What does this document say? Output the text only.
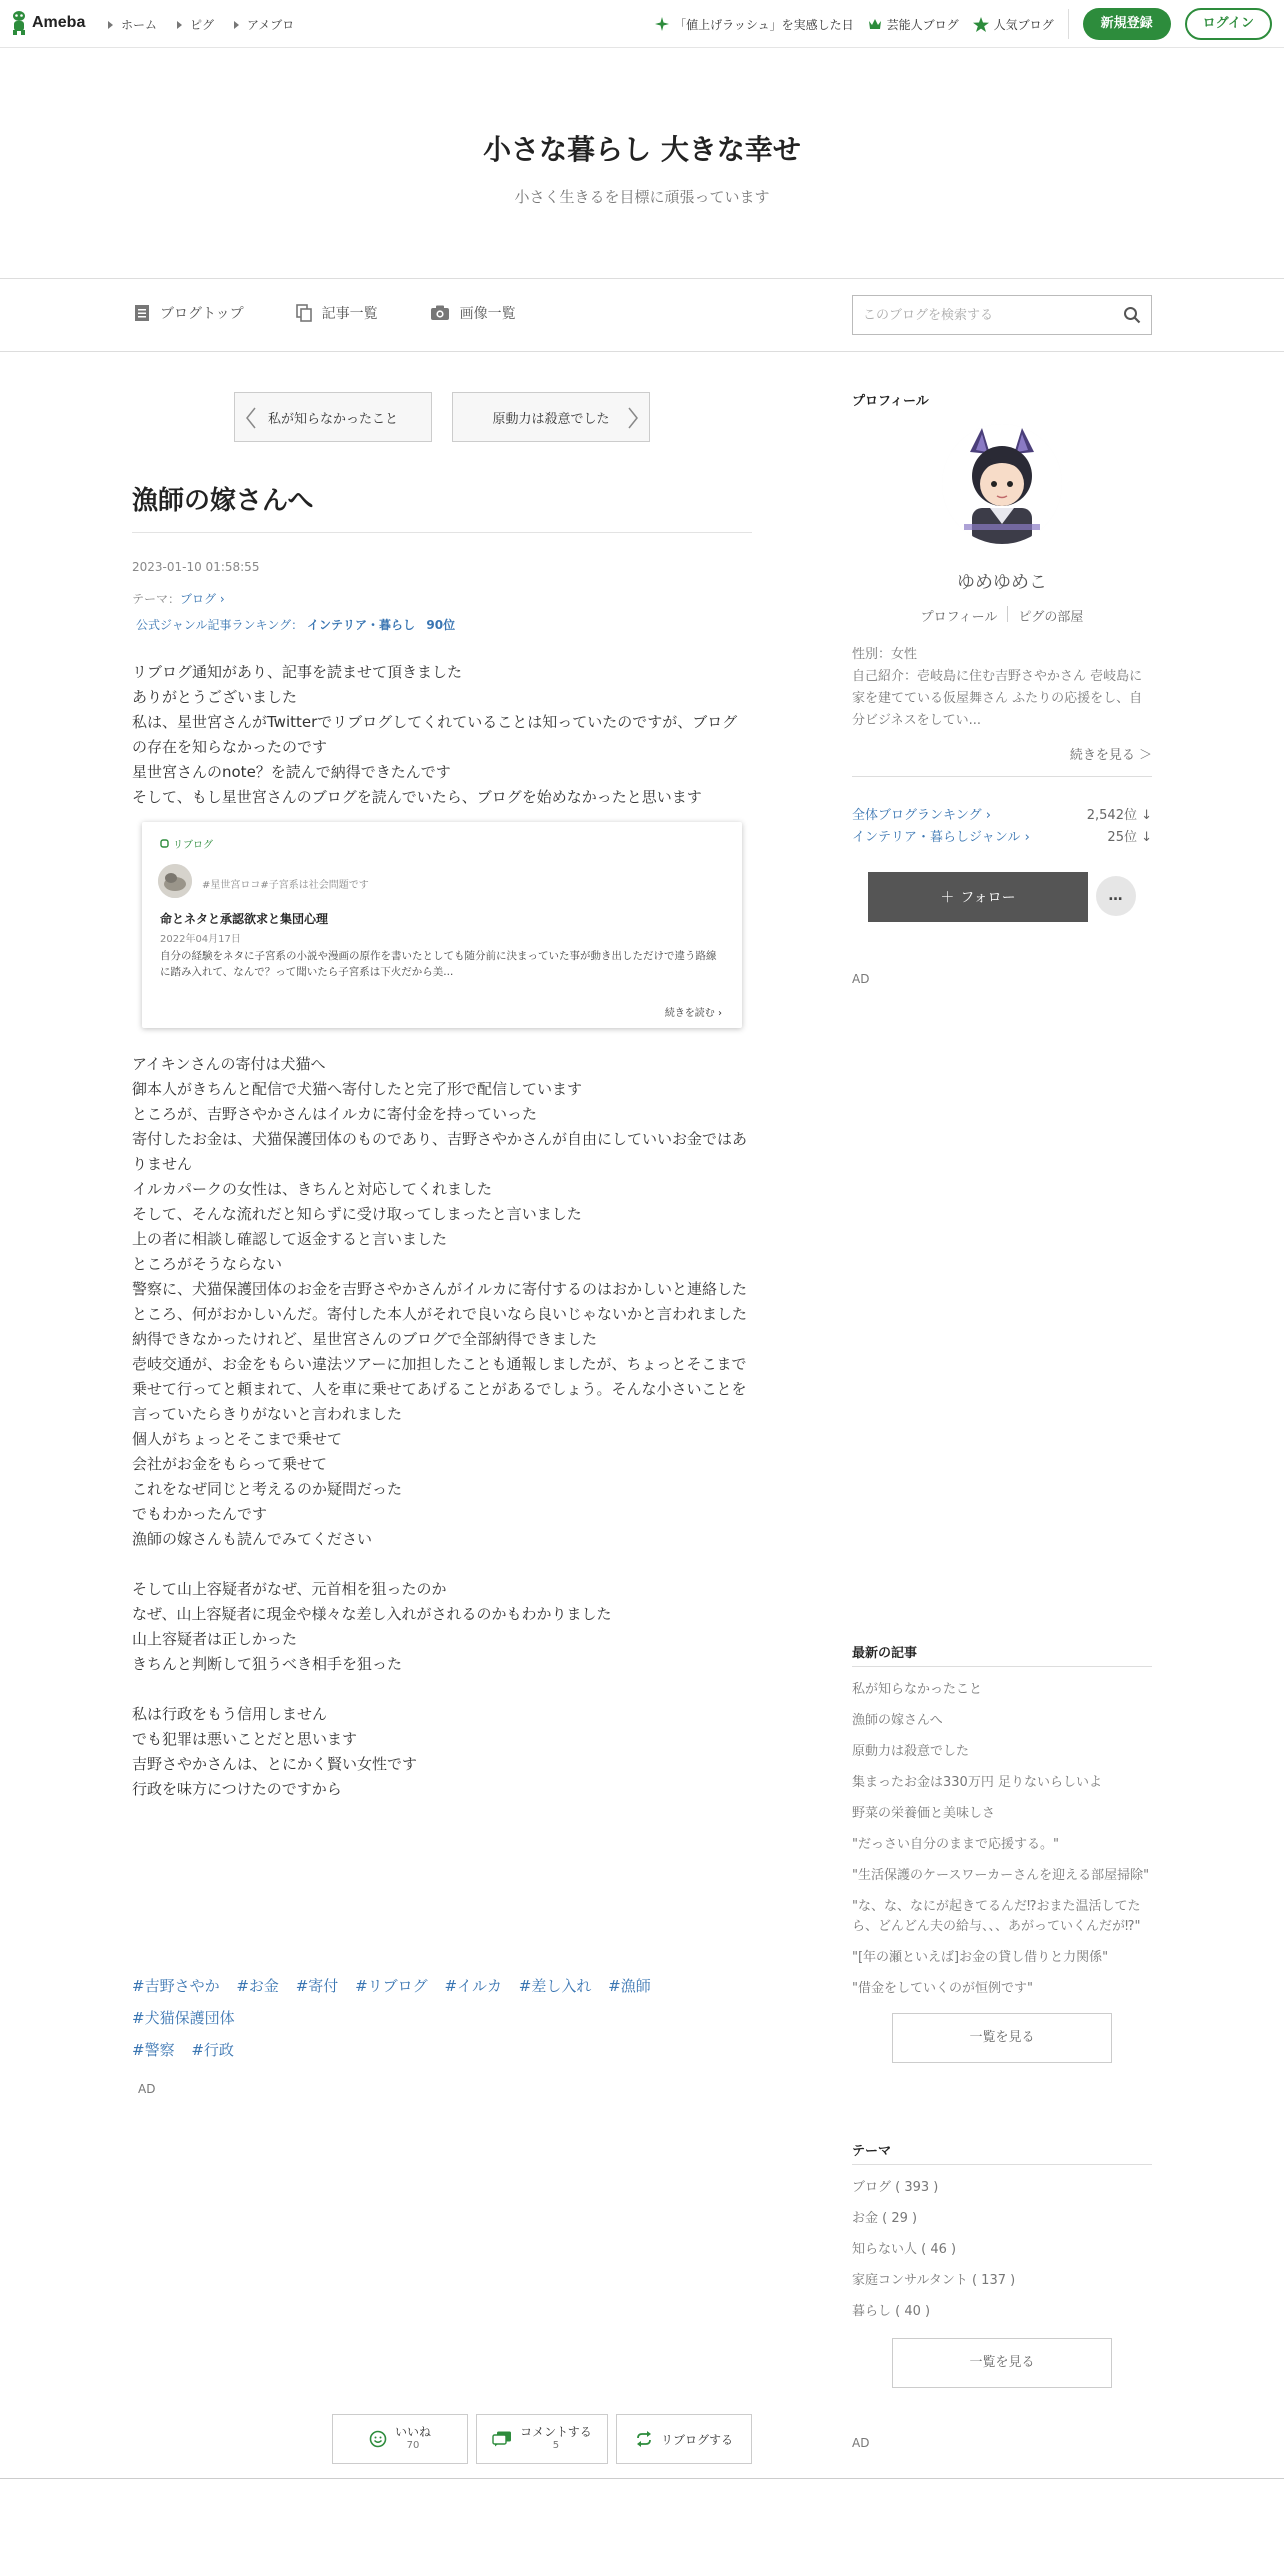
Ameba	ホーム	ピグ	アメブロ	「値上げラッシュ」を実感した日	芸能人ブログ	人気ブログ	新規登録	ログイン
小さな暮らし 大きな幸せ
小さく生きるを目標に頑張っています
ブログトップ	記事一覧	画像一覧
このブログを検索する
私が知らなかったこと	原動力は殺意でした
漁師の嫁さんへ
2023-01-10 01:58:55
テーマ：ブログ ›
公式ジャンル記事ランキング： インテリア・暮らし 90位

リブログ通知があり、記事を読ませて頂きました

ありがとうございました

私は、星世宮さんがTwitterでリブログしてくれていることは知っていたのですが、ブログの存在を知らなかったのです

星世宮さんのnote？を読んで納得できたんです

そして、もし星世宮さんのブログを読んでいたら、ブログを始めなかったと思います

リブログ
#星世宮ロコ#子宮系は社会問題です
命とネタと承認欲求と集団心理
2022年04月17日
自分の経験をネタに子宮系の小説や漫画の原作を書いたとしても随分前に決まっていた事が動き出しただけで違う路線に踏み入れて、なんで？って聞いたら子宮系は下火だから美...
続きを読む ›

アイキンさんの寄付は犬猫へ

御本人がきちんと配信で犬猫へ寄付したと完了形で配信しています

ところが、吉野さやかさんはイルカに寄付金を持っていった

寄付したお金は、犬猫保護団体のものであり、吉野さやかさんが自由にしていいお金ではありません

イルカパークの女性は、きちんと対応してくれました

そして、そんな流れだと知らずに受け取ってしまったと言いました

上の者に相談し確認して返金すると言いました

ところがそうならない

警察に、犬猫保護団体のお金を吉野さやかさんがイルカに寄付するのはおかしいと連絡したところ、何がおかしいんだ。寄付した本人がそれで良いなら良いじゃないかと言われました

納得できなかったけれど、星世宮さんのブログで全部納得できました

壱岐交通が、お金をもらい違法ツアーに加担したことも通報しましたが、ちょっとそこまで乗せて行ってと頼まれて、人を車に乗せてあげることがあるでしょう。そんな小さいことを言っていたらきりがないと言われました

個人がちょっとそこまで乗せて

会社がお金をもらって乗せて

これをなぜ同じと考えるのか疑問だった

でもわかったんです

漁師の嫁さんも読んでみてください

そして山上容疑者がなぜ、元首相を狙ったのか

なぜ、山上容疑者に現金や様々な差し入れがされるのかもわかりました

山上容疑者は正しかった

きちんと判断して狙うべき相手を狙った

私は行政をもう信用しません

でも犯罪は悪いことだと思います

吉野さやかさんは、とにかく賢い女性です

行政を味方につけたのですから

#吉野さやか #お金 #寄付 #リブログ #イルカ #差し入れ #漁師 #犬猫保護団体
#警察 #行政
AD
いいね
70
コメントする
5	リブログする
プロフィール
ゆめゆめこ
プロフィール ピグの部屋
性別：女性
自己紹介：壱岐島に住む吉野さやかさん 壱岐島に家を建てている仮屋舞さん ふたりの応援をし、自分ビジネスをしてい...
続きを見る ＞
全体ブログランキング ›	2,542位 ↓
インテリア・暮らしジャンル ›	25位 ↓
＋ フォロー	…
AD
最新の記事
私が知らなかったこと
漁師の嫁さんへ
原動力は殺意でした
集まったお金は330万円 足りないらしいよ
野菜の栄養価と美味しさ
"だっさい自分のままで応援する。"
"生活保護のケースワーカーさんを迎える部屋掃除"
"な、な、なにが起きてるんだ⁉︎おまた温活してたら、どんどん夫の給与、、、あがっていくんだが⁉︎"
"[年の瀬といえば]お金の貸し借りと力関係"
"借金をしていくのが恒例です"
一覧を見る
テーマ
ブログ ( 393 )
お金 ( 29 )
知らない人 ( 46 )
家庭コンサルタント ( 137 )
暮らし ( 40 )
一覧を見る
AD
